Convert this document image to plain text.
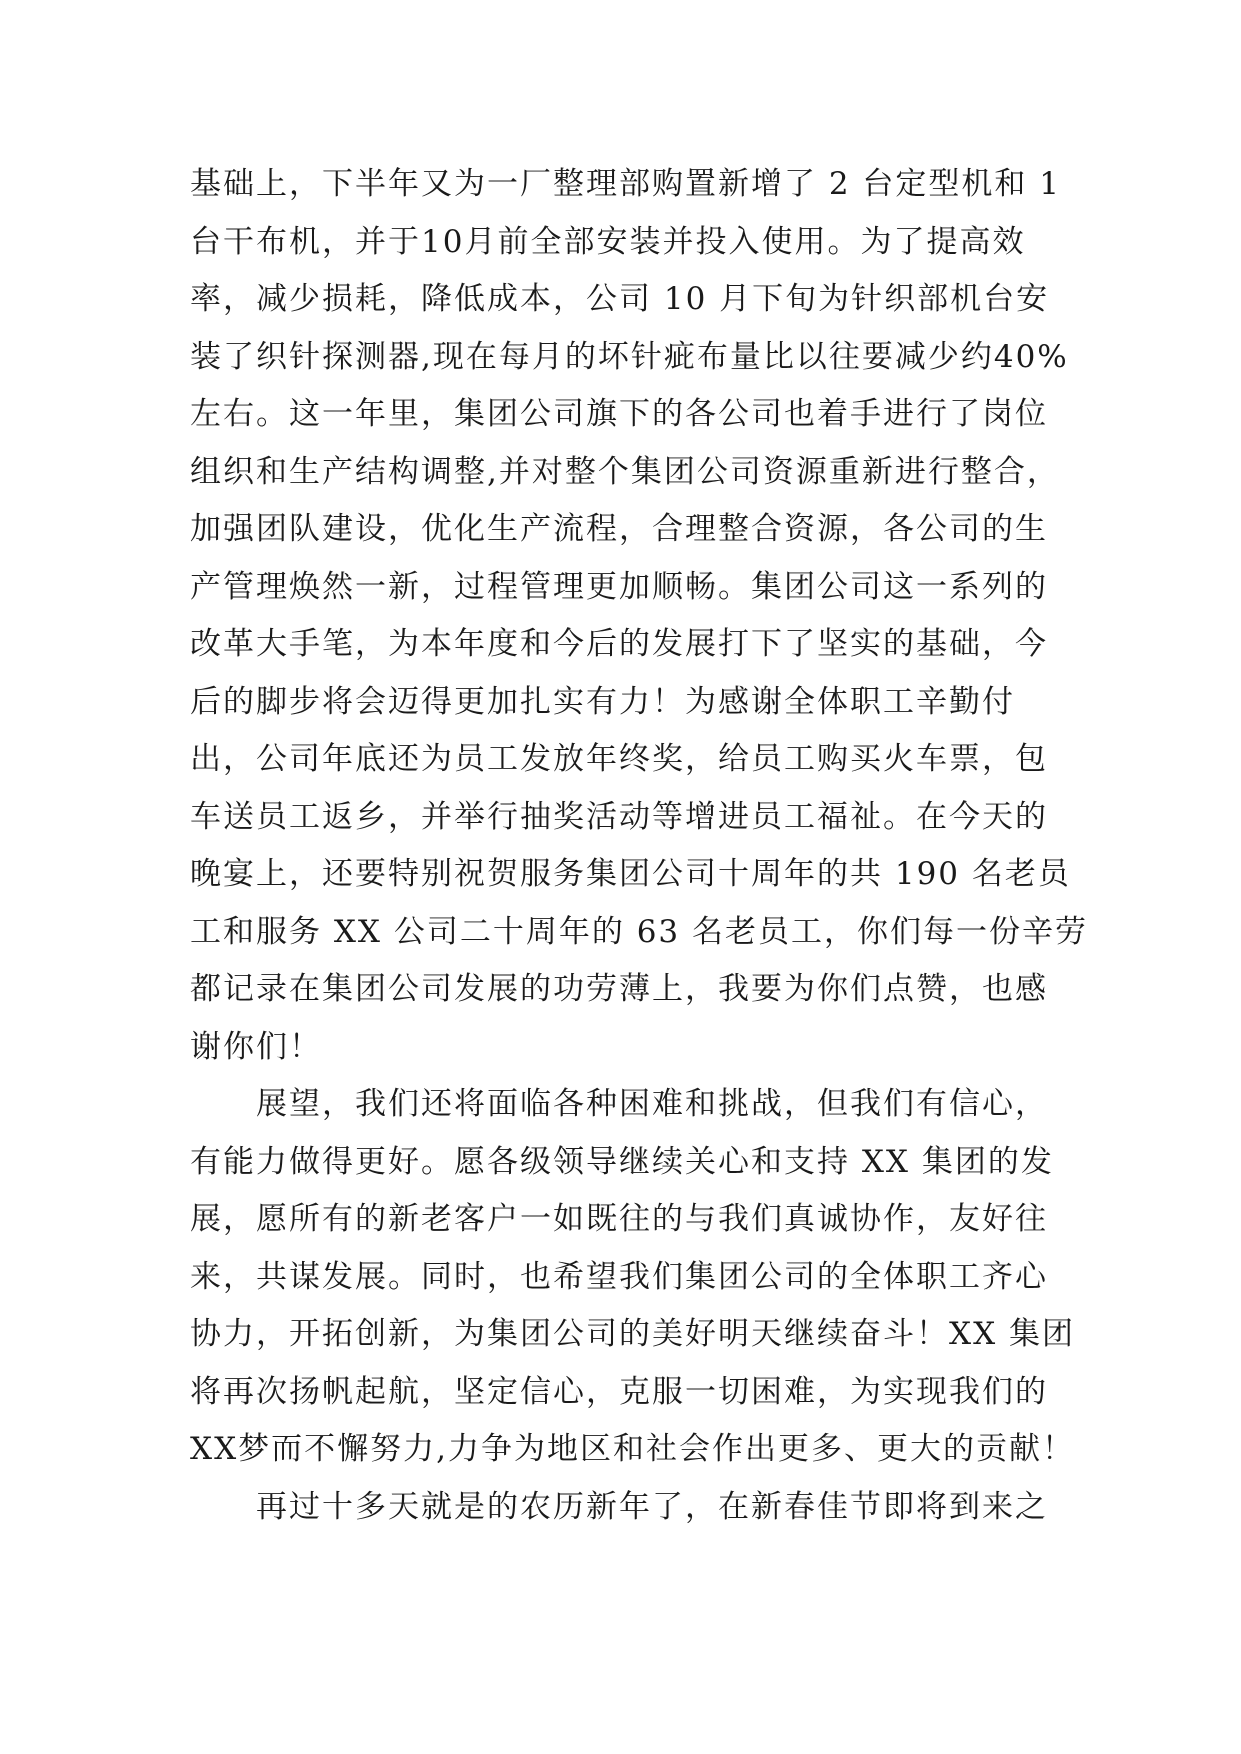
基础上，下半年又为一厂整理部购置新增了 2 台定型机和 1
台干布机，并于10月前全部安装并投入使用。为了提高效
率，减少损耗，降低成本，公司 10 月下旬为针织部机台安
装了织针探测器,现在每月的坏针疵布量比以往要减少约40%
左右。这一年里，集团公司旗下的各公司也着手进行了岗位
组织和生产结构调整,并对整个集团公司资源重新进行整合，
加强团队建设，优化生产流程，合理整合资源，各公司的生
产管理焕然一新，过程管理更加顺畅。集团公司这一系列的
改革大手笔，为本年度和今后的发展打下了坚实的基础，今
后的脚步将会迈得更加扎实有力！为感谢全体职工辛勤付
出，公司年底还为员工发放年终奖，给员工购买火车票，包
车送员工返乡，并举行抽奖活动等增进员工福祉。在今天的
晚宴上，还要特别祝贺服务集团公司十周年的共 190 名老员
工和服务 XX 公司二十周年的 63 名老员工，你们每一份辛劳
都记录在集团公司发展的功劳薄上，我要为你们点赞，也感
谢你们！
展望，我们还将面临各种困难和挑战，但我们有信心，
有能力做得更好。愿各级领导继续关心和支持 XX 集团的发
展，愿所有的新老客户一如既往的与我们真诚协作，友好往
来，共谋发展。同时，也希望我们集团公司的全体职工齐心
协力，开拓创新，为集团公司的美好明天继续奋斗！XX 集团
将再次扬帆起航，坚定信心，克服一切困难，为实现我们的
XX梦而不懈努力,力争为地区和社会作出更多、更大的贡献！
再过十多天就是的农历新年了，在新春佳节即将到来之
